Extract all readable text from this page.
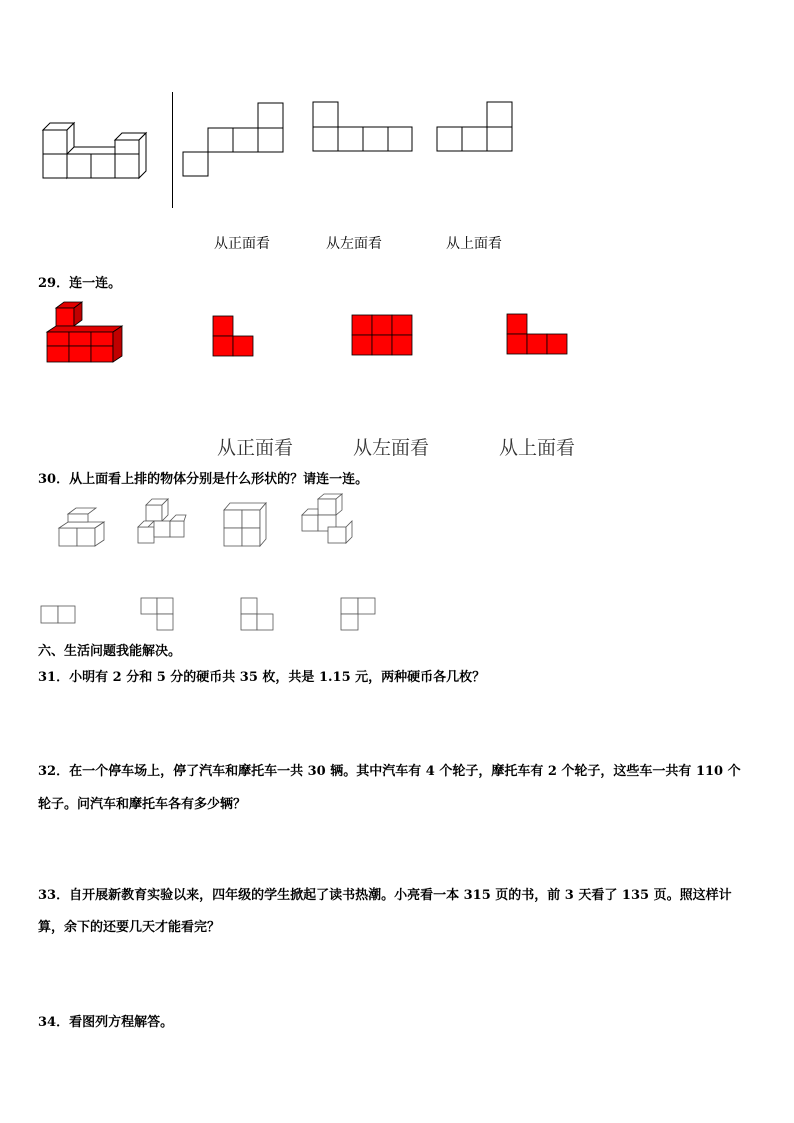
从正面看	从左面看	从上面看
29．连一连。
从正面看	从左面看	从上面看
30．从上面看上排的物体分别是什么形状的？请连一连。
六、生活问题我能解决。
31．小明有 2 分和 5 分的硬币共 35 枚，共是 1.15 元，两种硬币各几枚？
32．在一个停车场上，停了汽车和摩托车一共 30 辆。其中汽车有 4 个轮子，摩托车有 2 个轮子，这些车一共有 110 个
轮子。问汽车和摩托车各有多少辆？
33．自开展新教育实验以来，四年级的学生掀起了读书热潮。小亮看一本 315 页的书，前 3 天看了 135 页。照这样计
算，余下的还要几天才能看完？
34．看图列方程解答。
